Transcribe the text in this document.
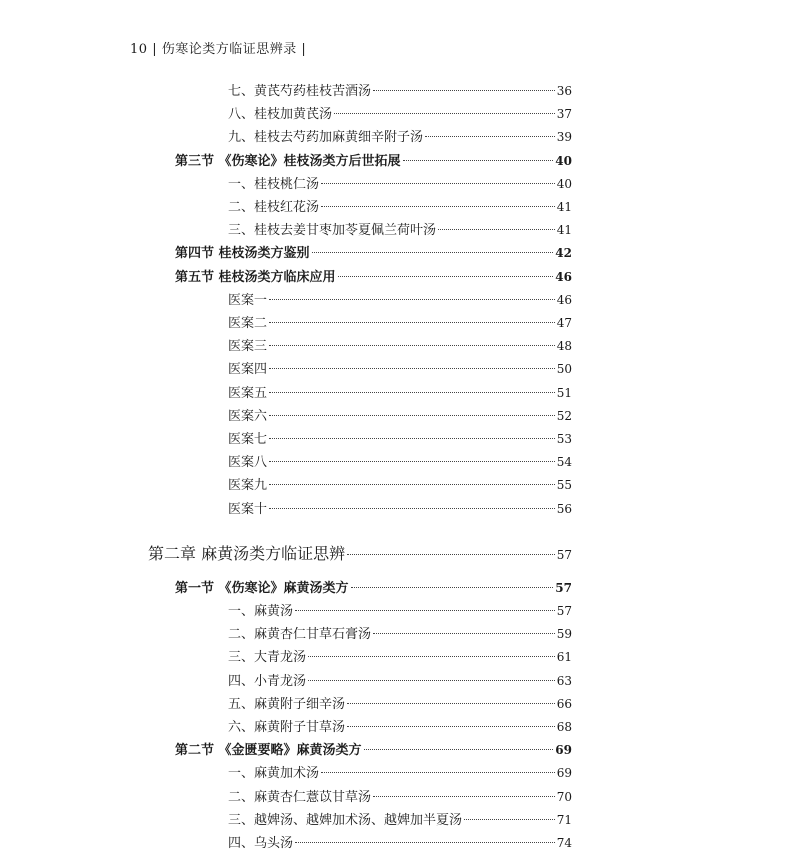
10 | 伤寒论类方临证思辨录 |
七、黄芪芍药桂枝苦酒汤	36
八、桂枝加黄芪汤	37
九、桂枝去芍药加麻黄细辛附子汤	39
第三节 《伤寒论》桂枝汤类方后世拓展	40
一、桂枝桃仁汤	40
二、桂枝红花汤	41
三、桂枝去姜甘枣加苓夏佩兰荷叶汤	41
第四节 桂枝汤类方鉴别	42
第五节 桂枝汤类方临床应用	46
医案一	46
医案二	47
医案三	48
医案四	50
医案五	51
医案六	52
医案七	53
医案八	54
医案九	55
医案十	56
第二章 麻黄汤类方临证思辨	57
第一节 《伤寒论》麻黄汤类方	57
一、麻黄汤	57
二、麻黄杏仁甘草石膏汤	59
三、大青龙汤	61
四、小青龙汤	63
五、麻黄附子细辛汤	66
六、麻黄附子甘草汤	68
第二节 《金匮要略》麻黄汤类方	69
一、麻黄加术汤	69
二、麻黄杏仁薏苡甘草汤	70
三、越婢汤、越婢加术汤、越婢加半夏汤	71
四、乌头汤	74
